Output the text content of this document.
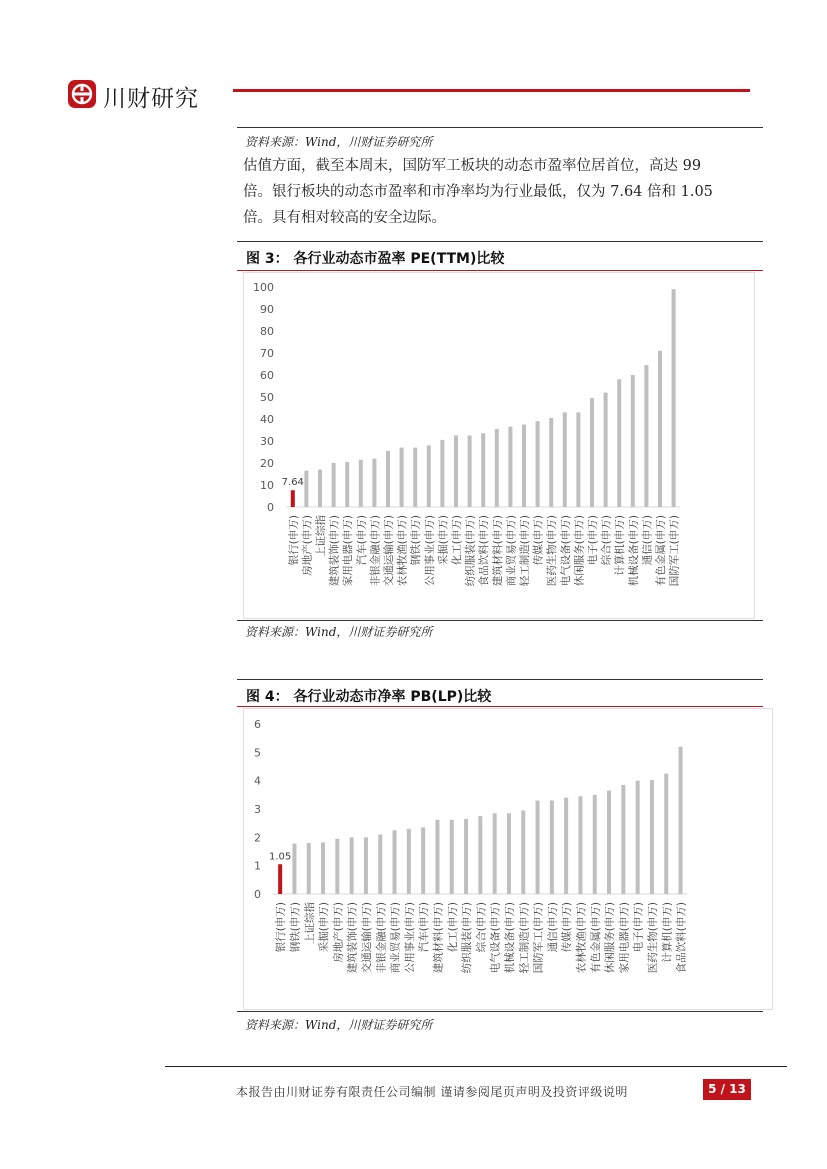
川财研究
资料来源：Wind，川财证券研究所
估值方面，截至本周末，国防军工板块的动态市盈率位居首位，高达 99
倍。银行板块的动态市盈率和市净率均为行业最低，仅为 7.64 倍和 1.05
倍。具有相对较高的安全边际。
图 3： 各行业动态市盈率 PE(TTM)比较
0
10
20
30
40
50
60
70
80
90
100
7.64
银行(申万) 房地产(申万) 上证综指 建筑装饰(申万) 家用电器(申万) 汽车(申万) 非银金融(申万) 交通运输(申万) 农林牧渔(申万) 钢铁(申万) 公用事业(申万) 采掘(申万) 化工(申万) 纺织服装(申万) 食品饮料(申万) 建筑材料(申万) 商业贸易(申万) 轻工制造(申万) 传媒(申万) 医药生物(申万) 电气设备(申万) 休闲服务(申万) 电子(申万) 综合(申万) 计算机(申万) 机械设备(申万) 通信(申万) 有色金属(申万) 国防军工(申万)
资料来源：Wind，川财证券研究所
图 4： 各行业动态市净率 PB(LP)比较
0
1
2
3
4
5
6
1.05
银行(申万) 钢铁(申万) 上证综指 采掘(申万) 房地产(申万) 建筑装饰(申万) 交通运输(申万) 非银金融(申万) 商业贸易(申万) 公用事业(申万) 汽车(申万) 建筑材料(申万) 化工(申万) 纺织服装(申万) 综合(申万) 电气设备(申万) 机械设备(申万) 轻工制造(申万) 国防军工(申万) 通信(申万) 传媒(申万) 农林牧渔(申万) 有色金属(申万) 休闲服务(申万) 家用电器(申万) 电子(申万) 医药生物(申万) 计算机(申万) 食品饮料(申万)
资料来源：Wind，川财证券研究所
本报告由川财证券有限责任公司编制 谨请参阅尾页声明及投资评级说明	5 / 13
